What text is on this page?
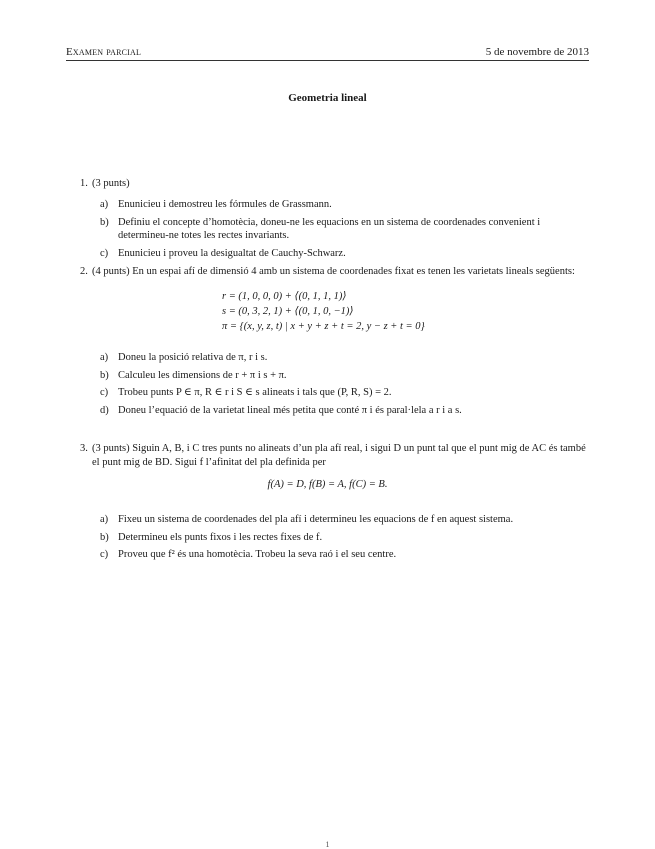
Examen parcial	5 de novembre de 2013
Geometria lineal
1. (3 punts)
a) Enunicieu i demostreu les fórmules de Grassmann.
b) Definiu el concepte d’homotècia, doneu-ne les equacions en un sistema de coordenades convenient i determineu-ne totes les rectes invariants.
c) Enunicieu i proveu la desigualtat de Cauchy-Schwarz.
2. (4 punts) En un espai afí de dimensió 4 amb un sistema de coordenades fixat es tenen les varietats lineals següents:
r = (1, 0, 0, 0) + ⟨(0, 1, 1, 1)⟩
s = (0, 3, 2, 1) + ⟨(0, 1, 0, −1)⟩
π = {(x, y, z, t) | x + y + z + t = 2, y − z + t = 0}
a) Doneu la posició relativa de π, r i s.
b) Calculeu les dimensions de r + π i s + π.
c) Trobeu punts P ∈ π, R ∈ r i S ∈ s alineats i tals que (P, R, S) = 2.
d) Doneu l’equació de la varietat lineal més petita que conté π i és paral·lela a r i a s.
3. (3 punts) Siguin A, B, i C tres punts no alineats d’un pla afí real, i sigui D un punt tal que el punt mig de AC és també el punt mig de BD. Sigui f l’afinitat del pla definida per
f(A) = D, f(B) = A, f(C) = B.
a) Fixeu un sistema de coordenades del pla afí i determineu les equacions de f en aquest sistema.
b) Determineu els punts fixos i les rectes fixes de f.
c) Proveu que f² és una homotècia. Trobeu la seva raó i el seu centre.
1
